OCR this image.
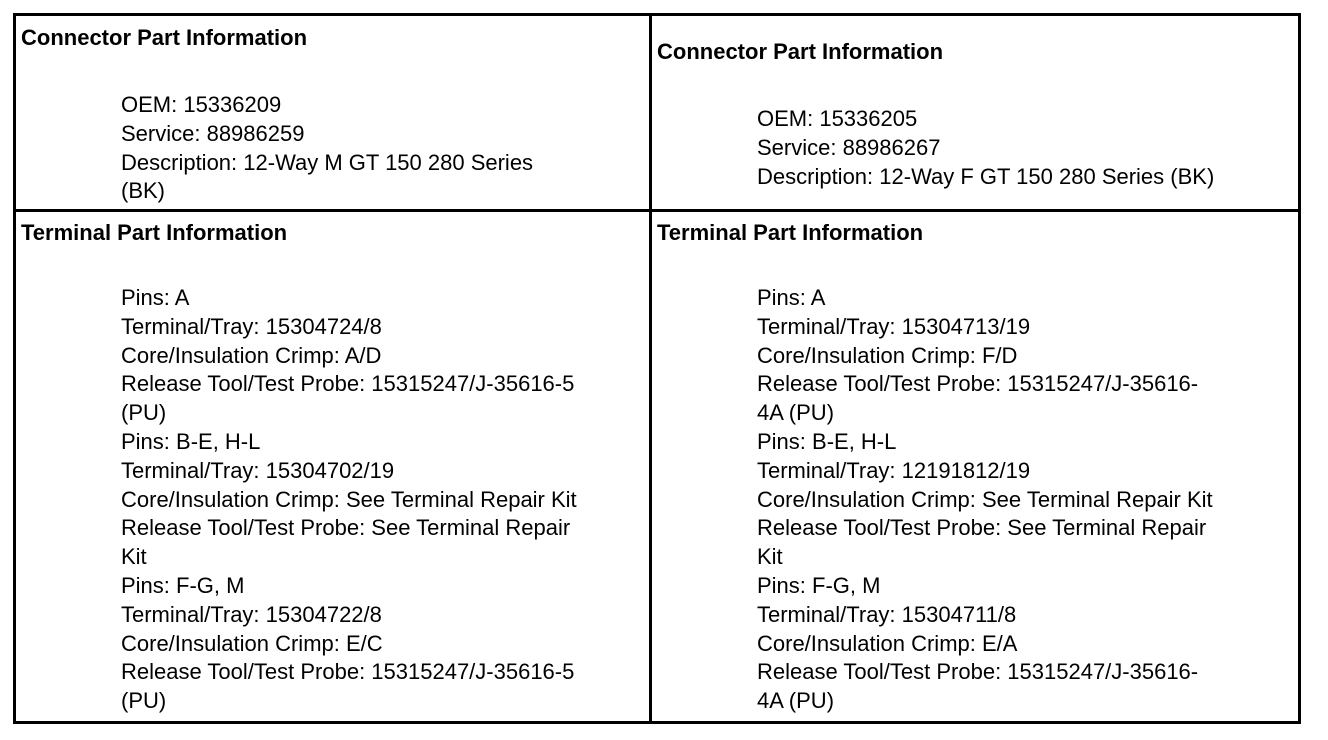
Connector Part Information
OEM: 15336209
Service: 88986259
Description: 12-Way M GT 150 280 Series
(BK)
Connector Part Information
OEM: 15336205
Service: 88986267
Description: 12-Way F GT 150 280 Series (BK)
Terminal Part Information
Pins: A
Terminal/Tray: 15304724/8
Core/Insulation Crimp: A/D
Release Tool/Test Probe: 15315247/J-35616-5
(PU)
Pins: B-E, H-L
Terminal/Tray: 15304702/19
Core/Insulation Crimp: See Terminal Repair Kit
Release Tool/Test Probe: See Terminal Repair
Kit
Pins: F-G, M
Terminal/Tray: 15304722/8
Core/Insulation Crimp: E/C
Release Tool/Test Probe: 15315247/J-35616-5
(PU)
Terminal Part Information
Pins: A
Terminal/Tray: 15304713/19
Core/Insulation Crimp: F/D
Release Tool/Test Probe: 15315247/J-35616-
4A (PU)
Pins: B-E, H-L
Terminal/Tray: 12191812/19
Core/Insulation Crimp: See Terminal Repair Kit
Release Tool/Test Probe: See Terminal Repair
Kit
Pins: F-G, M
Terminal/Tray: 15304711/8
Core/Insulation Crimp: E/A
Release Tool/Test Probe: 15315247/J-35616-
4A (PU)
